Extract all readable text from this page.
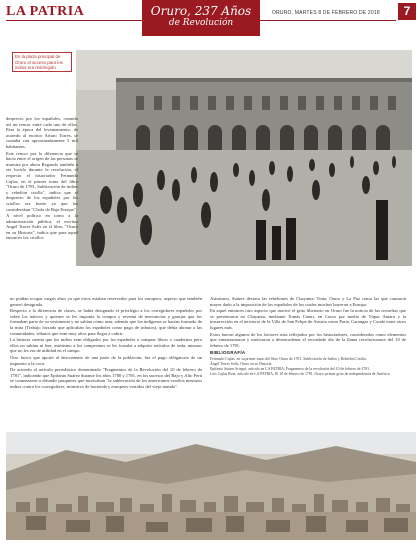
LA PATRIA	Oruro, 237 Años
de Revolución
ORURO, MARTES 8 DE FEBRERO DE 2018	7
En la plaza principal de Oruro el acceso para los indios era restringido

desprecio por los españoles, creando así un rencor entre cada uno de ellos. Para la época del levantamiento, de acuerdo al escritor Arturo Torres, se contaba con aproximadamente 5 mil habitantes.

Este rencor por la diferencia que se hacía entre el origen de las personas se muestra por ahora Regando también a ser lucirlo durante la revolución, el respecto el historiador Fernando Cajías, en el primer tomo del libro "Oruro de 1781, Sublevación de indios y rebelión criolla", indica que el desprecio de los españoles por los criollos era fuerte ya que los consideraban "Chola de Baja Europa".

A nivel político en torno a la administración pública, el escritor Angel Torres Solís en el libro, "Oruro en su Historia", indica que para aquel entonces los criollos

no podían ocupar cargos altos ya que estos estaban reservados para los europeos, aspecto que también generó desagrado.

Respecto a la diferencia de clases, se había designado el privilegio a los corregidores españoles por sobre los nativos y quienes se les imponía la compra y reventa de mercancías y granjas que los formaban parte de su vestimenta y no sabían cómo usar, además que los indígenas se hacían formado de la mita (Trabajo forzado que aplicaban los españoles como pago de tributos), que debía abonar a las comunidades, tributos que eran muy altos para llegar a cubrir.

La historia cuenta que los indios eran obligados por los españoles a comprar libros o cuadernos pero ellos no sabían ni leer, asimismo a los campesinos se les forzaba a adquirir artículos de seda, mismos que no les era de utilidad en el campo.

Otro factor que aportó al descontento de una parte de la población, fue el pago obligatorio de un impuesto a la coca.

De acuerdo al artículo periodístico denominado "Fragmentos de la Revolución del 10 de febrero de 1781", indicando que Epifanio Suárez durante los años 1780 y 1781, en los sucesos del Bajo y Alto Perú se comenzaron a difundir pasquines que motivaban "la sublevación de los americanos-criollos mestizos indios contra los corregidores, ministros de hacienda y europeos vestidos del viejo mundo".

Asimismo, Suárez destaca las rebeliones de Chayanta, Tinta, Oruro y La Paz como las que causaron mayor daño a la imposición de los españoles de los cuales muchos huyeron a Europa.

En aquel entonces otro aspecto que motivó el grito libertario en Oruro fue la noticia de las revueltas que se presentaron en Chayanta, mediante Tomás Catari, en Cusco por medio de Túpac Amaru y la insurrección en el territorio de la Villa de San Felipe de Austria como Paria, Carangas y Condo entre otros lugares más.

Estos fueron algunos de los factores más reflejados por los historiadores, considerados como elementos que entusiasmaron y motivaron a desencadenar el recordado día de la llama revolucionaria del 10 de febrero de 1781.

BIBLIOGRAFÍA

Fernando Cajías, en su primer tomo del libro Oruro de 1781: Sublevación de Indios y Rebelión Criolla.

Ángel Torres Solís, Oruro en su Historia.

Epifanio Suárez Sriegui, artículo en LA PATRIA, Fragmentos de la revolución del 10 de febrero de 1781.

Luis Cajías Ruiz, artículo en LA PATRIA, El 10 de febrero de 1781, Oruro, primer grito de independencia de América.
